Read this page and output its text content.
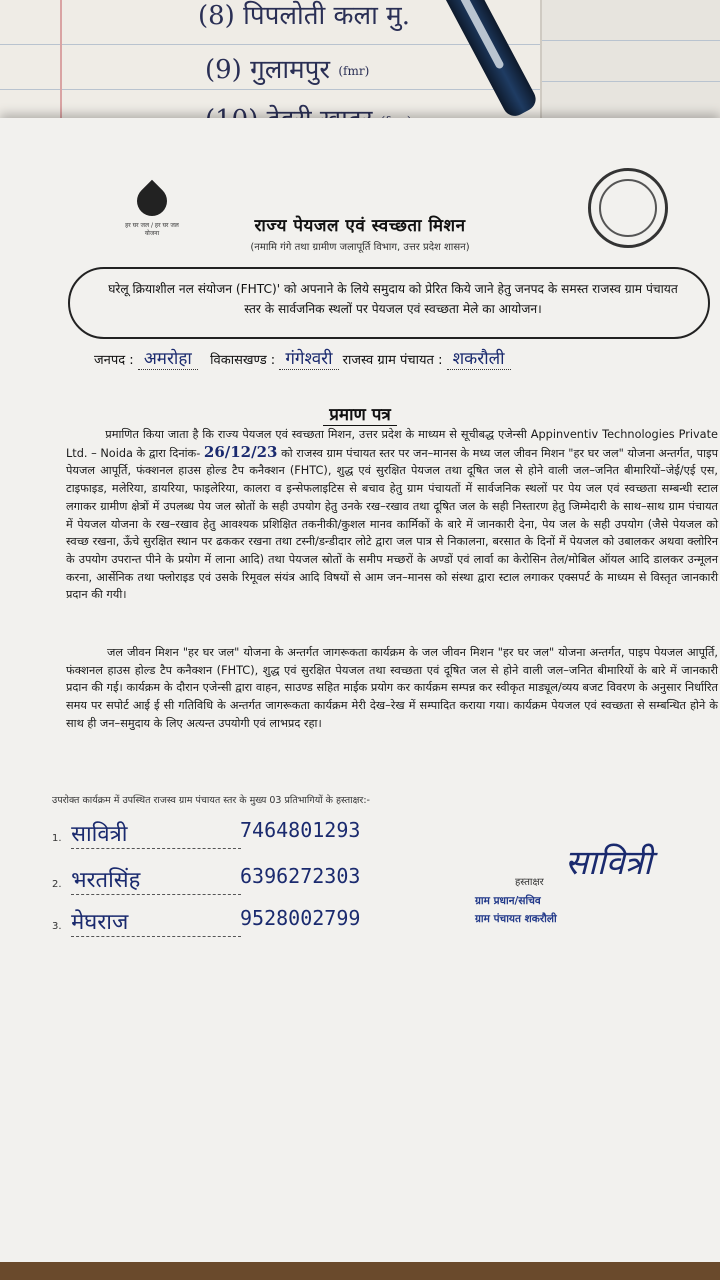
(8) पिपलोती कला मु.
(9) गुलामपुर (fmr)
हर घर जल / हर घर जल योजना	राज्य पेयजल एवं स्वच्छता मिशन
(नमामि गंगे तथा ग्रामीण जलापूर्ति विभाग, उत्तर प्रदेश शासन)
घरेलू क्रियाशील नल संयोजन (FHTC)' को अपनाने के लिये समुदाय को प्रेरित किये जाने हेतु जनपद के समस्त राजस्व ग्राम पंचायत स्तर के सार्वजनिक स्थलों पर पेयजल एवं स्वच्छता मेले का आयोजन।
जनपद : अमरोहा विकासखण्ड : गंगेश्वरी राजस्व ग्राम पंचायत : शकरौली
प्रमाण पत्र
प्रमाणित किया जाता है कि राज्य पेयजल एवं स्वच्छता मिशन, उत्तर प्रदेश के माध्यम से सूचीबद्ध एजेन्सी Appinventiv Technologies Private Ltd. – Noida के द्वारा दिनांक- 26/12/23 को राजस्व ग्राम पंचायत स्तर पर जन–मानस के मध्य जल जीवन मिशन "हर घर जल" योजना अन्तर्गत, पाइप पेयजल आपूर्ति, फंक्शनल हाउस होल्ड टैप कनैक्शन (FHTC), शुद्ध एवं सुरक्षित पेयजल तथा दूषित जल से होने वाली जल–जनित बीमारियों–जेई/एई एस, टाइफाइड, मलेरिया, डायरिया, फाइलेरिया, कालरा व इन्सेफलाइटिस से बचाव हेतु ग्राम पंचायतों में सार्वजनिक स्थलों पर पेय जल एवं स्वच्छता सम्बन्धी स्टाल लगाकर ग्रामीण क्षेत्रों में उपलब्ध पेय जल स्रोतों के सही उपयोग हेतु उनके रख–रखाव तथा दूषित जल के सही निस्तारण हेतु जिम्मेदारी के साथ–साथ ग्राम पंचायत में पेयजल योजना के रख–रखाव हेतु आवश्यक प्रशिक्षित तकनीकी/कुशल मानव कार्मिकों के बारे में जानकारी देना, पेय जल के सही उपयोग (जैसे पेयजल को स्वच्छ रखना, ऊँचे सुरक्षित स्थान पर ढककर रखना तथा टस्नी/डन्डीदार लोटे द्वारा जल पात्र से निकालना, बरसात के दिनों में पेयजल को उबालकर अथवा क्लोरिन के उपयोग उपरान्त पीने के प्रयोग में लाना आदि) तथा पेयजल स्रोतों के समीप मच्छरों के अण्डों एवं लार्वा का केरोसिन तेल/मोबिल ऑयल आदि डालकर उन्मूलन करना, आर्सेनिक तथा फ्लोराइड एवं उसके रिमूवल संयंत्र आदि विषयों से आम जन–मानस को संस्था द्वारा स्टाल लगाकर एक्सपर्ट के माध्यम से विस्तृत जानकारी प्रदान की गयी।
जल जीवन मिशन "हर घर जल" योजना के अन्तर्गत जागरूकता कार्यक्रम के जल जीवन मिशन "हर घर जल" योजना अन्तर्गत, पाइप पेयजल आपूर्ति, फंक्शनल हाउस होल्ड टैप कनैक्शन (FHTC), शुद्ध एवं सुरक्षित पेयजल तथा स्वच्छता एवं दूषित जल से होने वाली जल–जनित बीमारियों के बारे में जानकारी प्रदान की गई। कार्यक्रम के दौरान एजेन्सी द्वारा वाहन, साउण्ड सहित माईक प्रयोग कर कार्यक्रम सम्पन्न कर स्वीकृत माड्यूल/व्यय बजट विवरण के अनुसार निर्धारित समय पर सपोर्ट आई ई सी गतिविधि के अन्तर्गत जागरूकता कार्यक्रम मेरी देख–रेख में सम्पादित कराया गया। कार्यक्रम पेयजल एवं स्वच्छता से सम्बन्धित होने के साथ ही जन–समुदाय के लिए अत्यन्त उपयोगी एवं लाभप्रद रहा।
उपरोक्त कार्यक्रम में उपस्थित राजस्व ग्राम पंचायत स्तर के मुख्य 03 प्रतिभागियों के हस्ताक्षर:-
1. सावित्री	7464801293
2. भरतसिंह	6396272303
3. मेघराज	9528002799
सावित्री
हस्ताक्षर
ग्राम प्रधान/सचिव
ग्राम पंचायत शकरौली
